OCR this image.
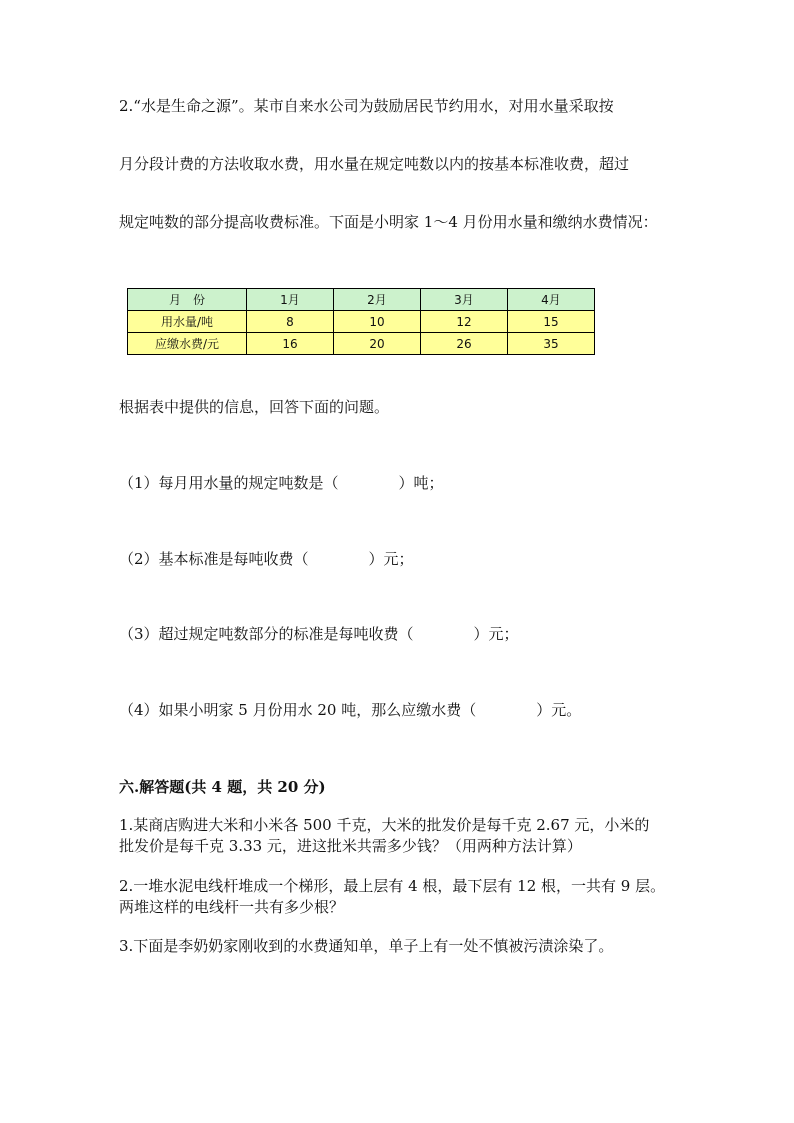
2.“水是生命之源”。某市自来水公司为鼓励居民节约用水，对用水量采取按
月分段计费的方法收取水费，用水量在规定吨数以内的按基本标准收费，超过
规定吨数的部分提高收费标准。下面是小明家 1～4 月份用水量和缴纳水费情况：
月　份	1月	2月	3月	4月
用水量/吨	8	10	12	15
应缴水费/元	16	20	26	35
根据表中提供的信息，回答下面的问题。
（1）每月用水量的规定吨数是（　　　　）吨；
（2）基本标准是每吨收费（　　　　）元；
（3）超过规定吨数部分的标准是每吨收费（　　　　）元；
（4）如果小明家 5 月份用水 20 吨，那么应缴水费（　　　　）元。
六.解答题(共 4 题，共 20 分)
1.某商店购进大米和小米各 500 千克，大米的批发价是每千克 2.67 元，小米的
批发价是每千克 3.33 元，进这批米共需多少钱？（用两种方法计算）
2.一堆水泥电线杆堆成一个梯形，最上层有 4 根，最下层有 12 根，一共有 9 层。
两堆这样的电线杆一共有多少根？
3.下面是李奶奶家刚收到的水费通知单，单子上有一处不慎被污渍涂染了。
